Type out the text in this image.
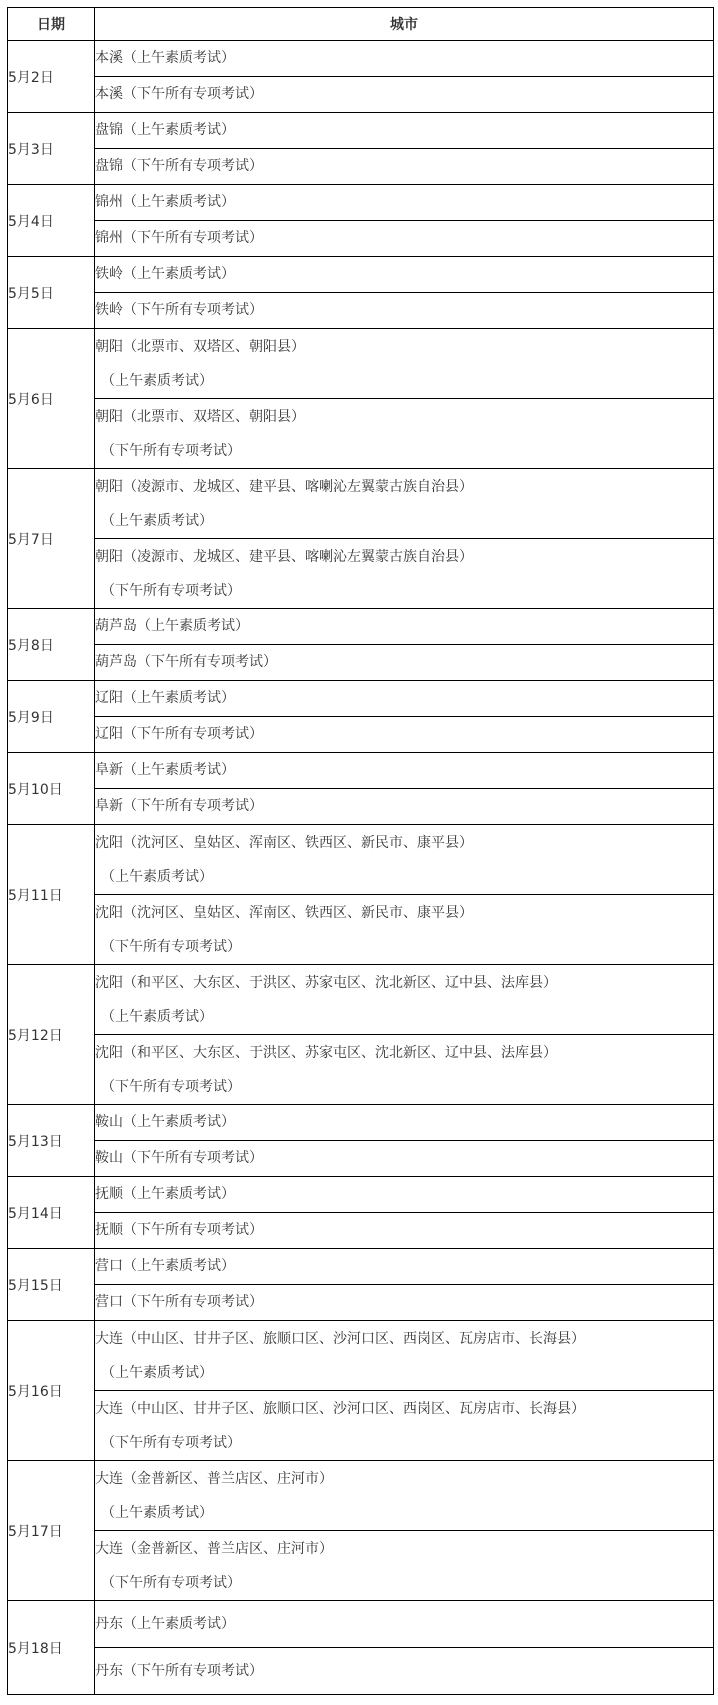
日期	城市
5月2日	本溪（上午素质考试）

	本溪（下午所有专项考试）

5月3日	盘锦（上午素质考试）

	盘锦（下午所有专项考试）

5月4日	锦州（上午素质考试）

	锦州（下午所有专项考试）

5月5日	铁岭（上午素质考试）

	铁岭（下午所有专项考试）

5月6日	朝阳（北票市、双塔区、朝阳县）
（上午素质考试）

	朝阳（北票市、双塔区、朝阳县）
（下午所有专项考试）

5月7日	朝阳（凌源市、龙城区、建平县、喀喇沁左翼蒙古族自治县）
（上午素质考试）

	朝阳（凌源市、龙城区、建平县、喀喇沁左翼蒙古族自治县）
（下午所有专项考试）

5月8日	葫芦岛（上午素质考试）

	葫芦岛（下午所有专项考试）

5月9日	辽阳（上午素质考试）

	辽阳（下午所有专项考试）

5月10日	阜新（上午素质考试）

	阜新（下午所有专项考试）

5月11日	沈阳（沈河区、皇姑区、浑南区、铁西区、新民市、康平县）
（上午素质考试）

	沈阳（沈河区、皇姑区、浑南区、铁西区、新民市、康平县）
（下午所有专项考试）

5月12日	沈阳（和平区、大东区、于洪区、苏家屯区、沈北新区、辽中县、法库县）
（上午素质考试）

	沈阳（和平区、大东区、于洪区、苏家屯区、沈北新区、辽中县、法库县）
（下午所有专项考试）

5月13日	鞍山（上午素质考试）

	鞍山（下午所有专项考试）

5月14日	抚顺（上午素质考试）

	抚顺（下午所有专项考试）

5月15日	营口（上午素质考试）

	营口（下午所有专项考试）

5月16日	大连（中山区、甘井子区、旅顺口区、沙河口区、西岗区、瓦房店市、长海县）
（上午素质考试）

	大连（中山区、甘井子区、旅顺口区、沙河口区、西岗区、瓦房店市、长海县）
（下午所有专项考试）

5月17日	大连（金普新区、普兰店区、庄河市）
（上午素质考试）

	大连（金普新区、普兰店区、庄河市）
（下午所有专项考试）

5月18日	丹东（上午素质考试）

	丹东（下午所有专项考试）
